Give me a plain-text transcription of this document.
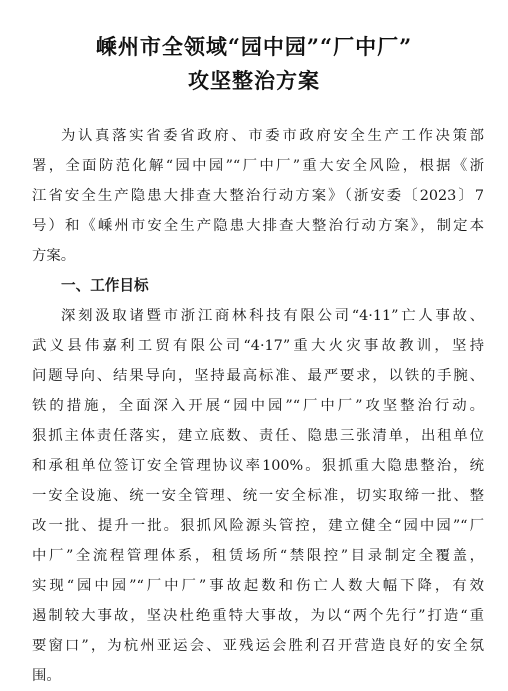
嵊州市全领域“园中园”“厂中厂”
攻坚整治方案
为认真落实省委省政府、市委市政府安全生产工作决策部
署，全面防范化解“园中园”“厂中厂”重大安全风险，根据《浙
江省安全生产隐患大排查大整治行动方案》（浙安委〔2023〕7
号）和《嵊州市安全生产隐患大排查大整治行动方案》，制定本
方案。
一、工作目标
深刻汲取诸暨市浙江商林科技有限公司“4·11”亡人事故、
武义县伟嘉利工贸有限公司“4·17”重大火灾事故教训，坚持
问题导向、结果导向，坚持最高标准、最严要求，以铁的手腕、
铁的措施，全面深入开展“园中园”“厂中厂”攻坚整治行动。
狠抓主体责任落实，建立底数、责任、隐患三张清单，出租单位
和承租单位签订安全管理协议率100%。狠抓重大隐患整治，统
一安全设施、统一安全管理、统一安全标准，切实取缔一批、整
改一批、提升一批。狠抓风险源头管控，建立健全“园中园”“厂
中厂”全流程管理体系，租赁场所“禁限控”目录制定全覆盖，
实现“园中园”“厂中厂”事故起数和伤亡人数大幅下降，有效
遏制较大事故，坚决杜绝重特大事故，为以“两个先行”打造“重
要窗口”，为杭州亚运会、亚残运会胜利召开营造良好的安全氛
围。
